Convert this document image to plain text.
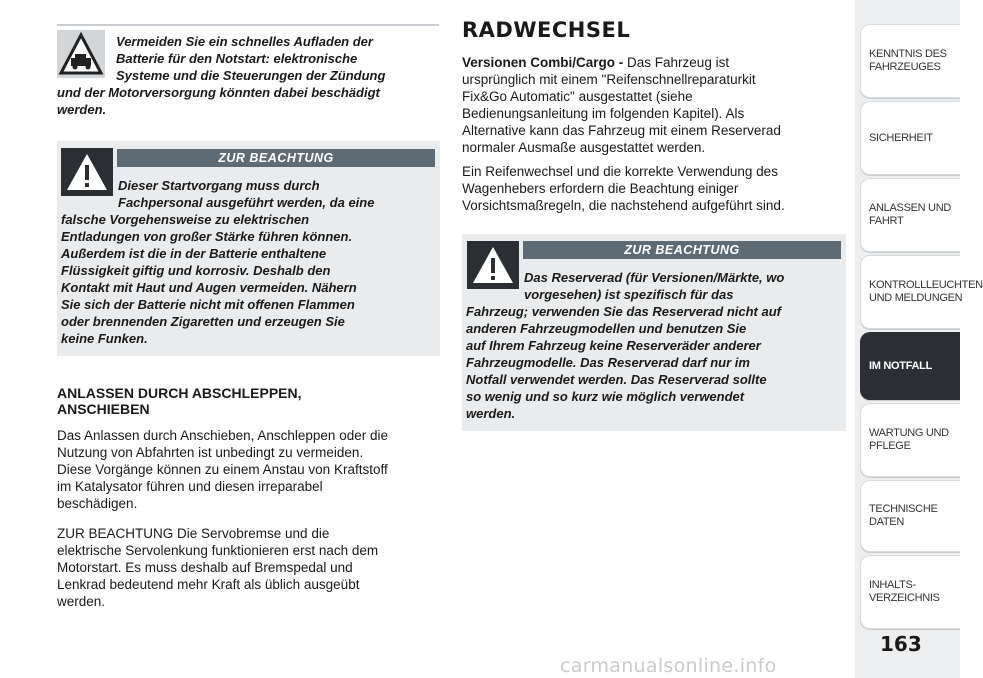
Vermeiden Sie ein schnelles Aufladen der
Batterie für den Notstart: elektronische
Systeme und die Steuerungen der Zündung
und der Motorversorgung könnten dabei beschädigt
werden.
ZUR BEACHTUNG
Dieser Startvorgang muss durch
Fachpersonal ausgeführt werden, da eine
falsche Vorgehensweise zu elektrischen
Entladungen von großer Stärke führen können.
Außerdem ist die in der Batterie enthaltene
Flüssigkeit giftig und korrosiv. Deshalb den
Kontakt mit Haut und Augen vermeiden. Nähern
Sie sich der Batterie nicht mit offenen Flammen
oder brennenden Zigaretten und erzeugen Sie
keine Funken.
ANLASSEN DURCH ABSCHLEPPEN,
ANSCHIEBEN
Das Anlassen durch Anschieben, Anschleppen oder die
Nutzung von Abfahrten ist unbedingt zu vermeiden.
Diese Vorgänge können zu einem Anstau von Kraftstoff
im Katalysator führen und diesen irreparabel
beschädigen.
ZUR BEACHTUNG Die Servobremse und die
elektrische Servolenkung funktionieren erst nach dem
Motorstart. Es muss deshalb auf Bremspedal und
Lenkrad bedeutend mehr Kraft als üblich ausgeübt
werden.
RADWECHSEL
Versionen Combi/Cargo - Das Fahrzeug ist
ursprünglich mit einem "Reifenschnellreparaturkit
Fix&Go Automatic" ausgestattet (siehe
Bedienungsanleitung im folgenden Kapitel). Als
Alternative kann das Fahrzeug mit einem Reserverad
normaler Ausmaße ausgestattet werden.
Ein Reifenwechsel und die korrekte Verwendung des
Wagenhebers erfordern die Beachtung einiger
Vorsichtsmaßregeln, die nachstehend aufgeführt sind.
ZUR BEACHTUNG
Das Reserverad (für Versionen/Märkte, wo
vorgesehen) ist spezifisch für das
Fahrzeug; verwenden Sie das Reserverad nicht auf
anderen Fahrzeugmodellen und benutzen Sie
auf Ihrem Fahrzeug keine Reserveräder anderer
Fahrzeugmodelle. Das Reserverad darf nur im
Notfall verwendet werden. Das Reserverad sollte
so wenig und so kurz wie möglich verwendet
werden.
KENNTNIS DES
FAHRZEUGES
SICHERHEIT
ANLASSEN UND
FAHRT
KONTROLLLEUCHTEN
UND MELDUNGEN
IM NOTFALL
WARTUNG UND
PFLEGE
TECHNISCHE DATEN
INHALTS-
VERZEICHNIS
163
carmanualsonline.info
